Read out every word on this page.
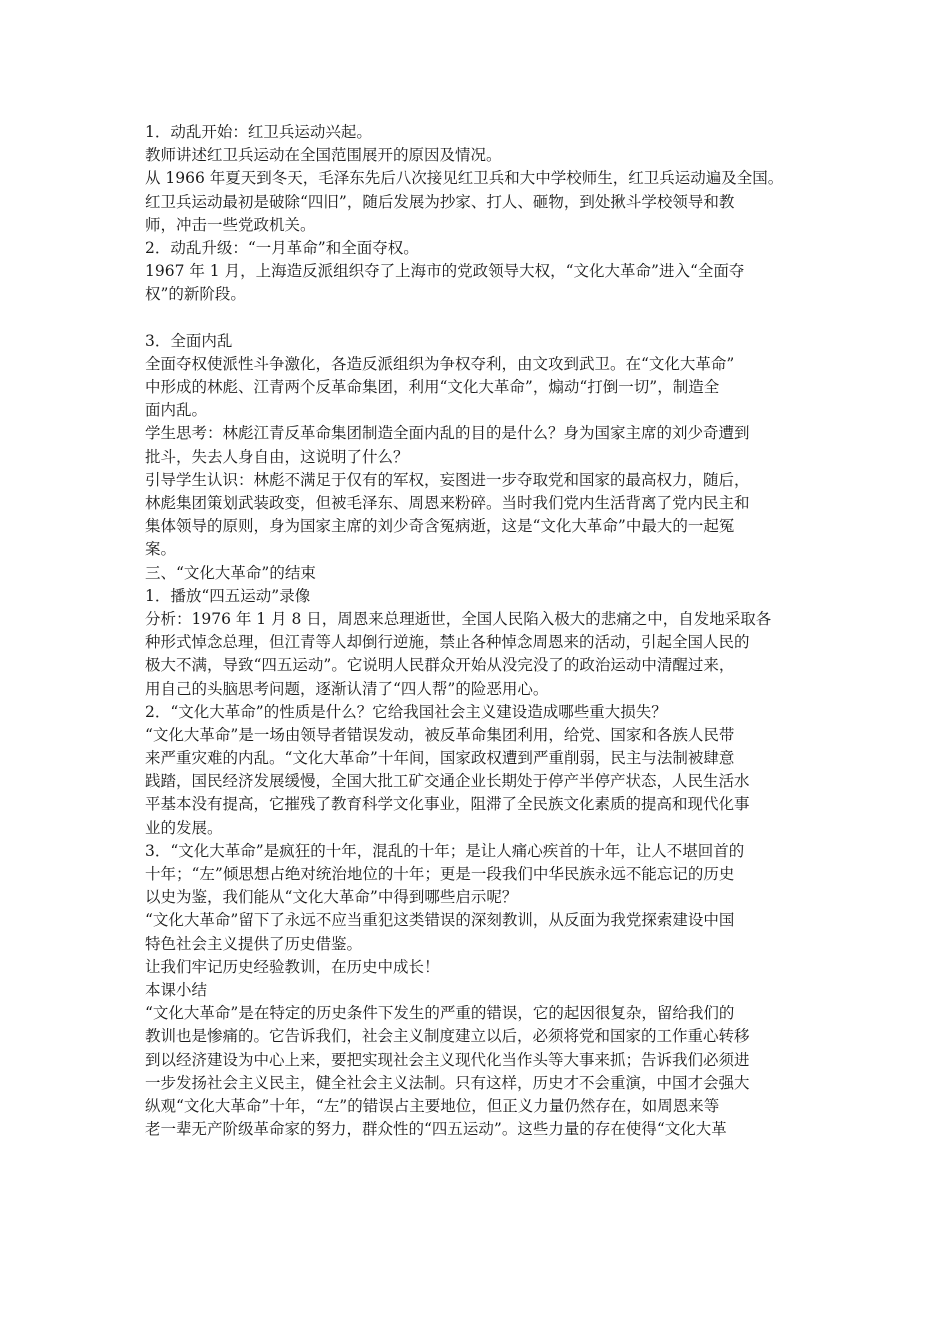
1．动乱开始：红卫兵运动兴起。
教师讲述红卫兵运动在全国范围展开的原因及情况。
从 1966 年夏天到冬天，毛泽东先后八次接见红卫兵和大中学校师生，红卫兵运动遍及全国。
红卫兵运动最初是破除“四旧”，随后发展为抄家、打人、砸物，到处揪斗学校领导和教
师，冲击一些党政机关。
2．动乱升级：“一月革命”和全面夺权。
1967 年 1 月，上海造反派组织夺了上海市的党政领导大权，“文化大革命”进入“全面夺
权”的新阶段。
3．全面内乱
全面夺权使派性斗争激化，各造反派组织为争权夺利，由文攻到武卫。在“文化大革命”
中形成的林彪、江青两个反革命集团，利用“文化大革命”，煽动“打倒一切”，制造全
面内乱。
学生思考：林彪江青反革命集团制造全面内乱的目的是什么？身为国家主席的刘少奇遭到
批斗，失去人身自由，这说明了什么？
引导学生认识：林彪不满足于仅有的军权，妄图进一步夺取党和国家的最高权力，随后，
林彪集团策划武装政变，但被毛泽东、周恩来粉碎。当时我们党内生活背离了党内民主和
集体领导的原则，身为国家主席的刘少奇含冤病逝，这是“文化大革命”中最大的一起冤
案。
三、“文化大革命”的结束
1．播放“四五运动”录像
分析：1976 年 1 月 8 日，周恩来总理逝世，全国人民陷入极大的悲痛之中，自发地采取各
种形式悼念总理，但江青等人却倒行逆施，禁止各种悼念周恩来的活动，引起全国人民的
极大不满，导致“四五运动”。它说明人民群众开始从没完没了的政治运动中清醒过来，
用自己的头脑思考问题，逐渐认清了“四人帮”的险恶用心。
2．“文化大革命”的性质是什么？它给我国社会主义建设造成哪些重大损失？
“文化大革命”是一场由领导者错误发动，被反革命集团利用，给党、国家和各族人民带
来严重灾难的内乱。“文化大革命”十年间，国家政权遭到严重削弱，民主与法制被肆意
践踏，国民经济发展缓慢，全国大批工矿交通企业长期处于停产半停产状态，人民生活水
平基本没有提高，它摧残了教育科学文化事业，阻滞了全民族文化素质的提高和现代化事
业的发展。
3．“文化大革命”是疯狂的十年，混乱的十年；是让人痛心疾首的十年，让人不堪回首的
十年；“左”倾思想占绝对统治地位的十年；更是一段我们中华民族永远不能忘记的历史
以史为鉴，我们能从“文化大革命”中得到哪些启示呢？
“文化大革命”留下了永远不应当重犯这类错误的深刻教训，从反面为我党探索建设中国
特色社会主义提供了历史借鉴。
让我们牢记历史经验教训，在历史中成长！
本课小结
“文化大革命”是在特定的历史条件下发生的严重的错误，它的起因很复杂，留给我们的
教训也是惨痛的。它告诉我们，社会主义制度建立以后，必须将党和国家的工作重心转移
到以经济建设为中心上来，要把实现社会主义现代化当作头等大事来抓；告诉我们必须进
一步发扬社会主义民主，健全社会主义法制。只有这样，历史才不会重演，中国才会强大
纵观“文化大革命”十年，“左”的错误占主要地位，但正义力量仍然存在，如周恩来等
老一辈无产阶级革命家的努力，群众性的“四五运动”。这些力量的存在使得“文化大革
